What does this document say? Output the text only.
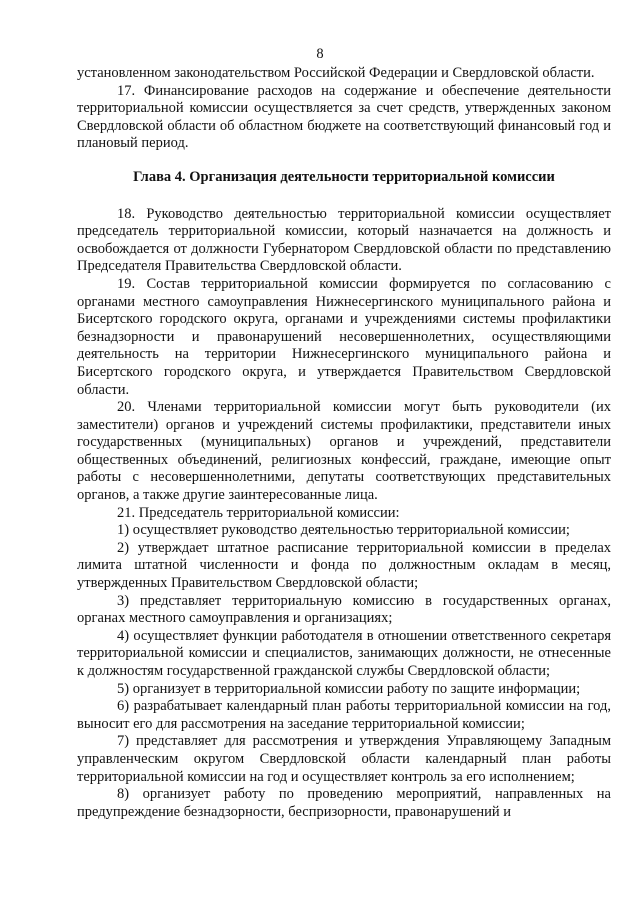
8

установленном законодательством Российской Федерации и Свердловской области.

17. Финансирование расходов на содержание и обеспечение деятельности территориальной комиссии осуществляется за счет средств, утвержденных законом Свердловской области об областном бюджете на соответствующий финансовый год и плановый период.

Глава 4. Организация деятельности территориальной комиссии

18. Руководство деятельностью территориальной комиссии осуществляет председатель территориальной комиссии, который назначается на должность и освобождается от должности Губернатором Свердловской области по представлению Председателя Правительства Свердловской области.

19. Состав территориальной комиссии формируется по согласованию с органами местного самоуправления Нижнесергинского муниципального района и Бисертского городского округа, органами и учреждениями системы профилактики безнадзорности и правонарушений несовершеннолетних, осуществляющими деятельность на территории Нижнесергинского муниципального района и Бисертского городского округа, и утверждается Правительством Свердловской области.

20. Членами территориальной комиссии могут быть руководители (их заместители) органов и учреждений системы профилактики, представители иных государственных (муниципальных) органов и учреждений, представители общественных объединений, религиозных конфессий, граждане, имеющие опыт работы с несовершеннолетними, депутаты соответствующих представительных органов, а также другие заинтересованные лица.

21. Председатель территориальной комиссии:

1) осуществляет руководство деятельностью территориальной комиссии;

2) утверждает штатное расписание территориальной комиссии в пределах лимита штатной численности и фонда по должностным окладам в месяц, утвержденных Правительством Свердловской области;

3) представляет территориальную комиссию в государственных органах, органах местного самоуправления и организациях;

4) осуществляет функции работодателя в отношении ответственного секретаря территориальной комиссии и специалистов, занимающих должности, не отнесенные к должностям государственной гражданской службы Свердловской области;

5) организует в территориальной комиссии работу по защите информации;

6) разрабатывает календарный план работы территориальной комиссии на год, выносит его для рассмотрения на заседание территориальной комиссии;

7) представляет для рассмотрения и утверждения Управляющему Западным управленческим округом Свердловской области календарный план работы территориальной комиссии на год и осуществляет контроль за его исполнением;

8) организует работу по проведению мероприятий, направленных на предупреждение безнадзорности, беспризорности, правонарушений и
